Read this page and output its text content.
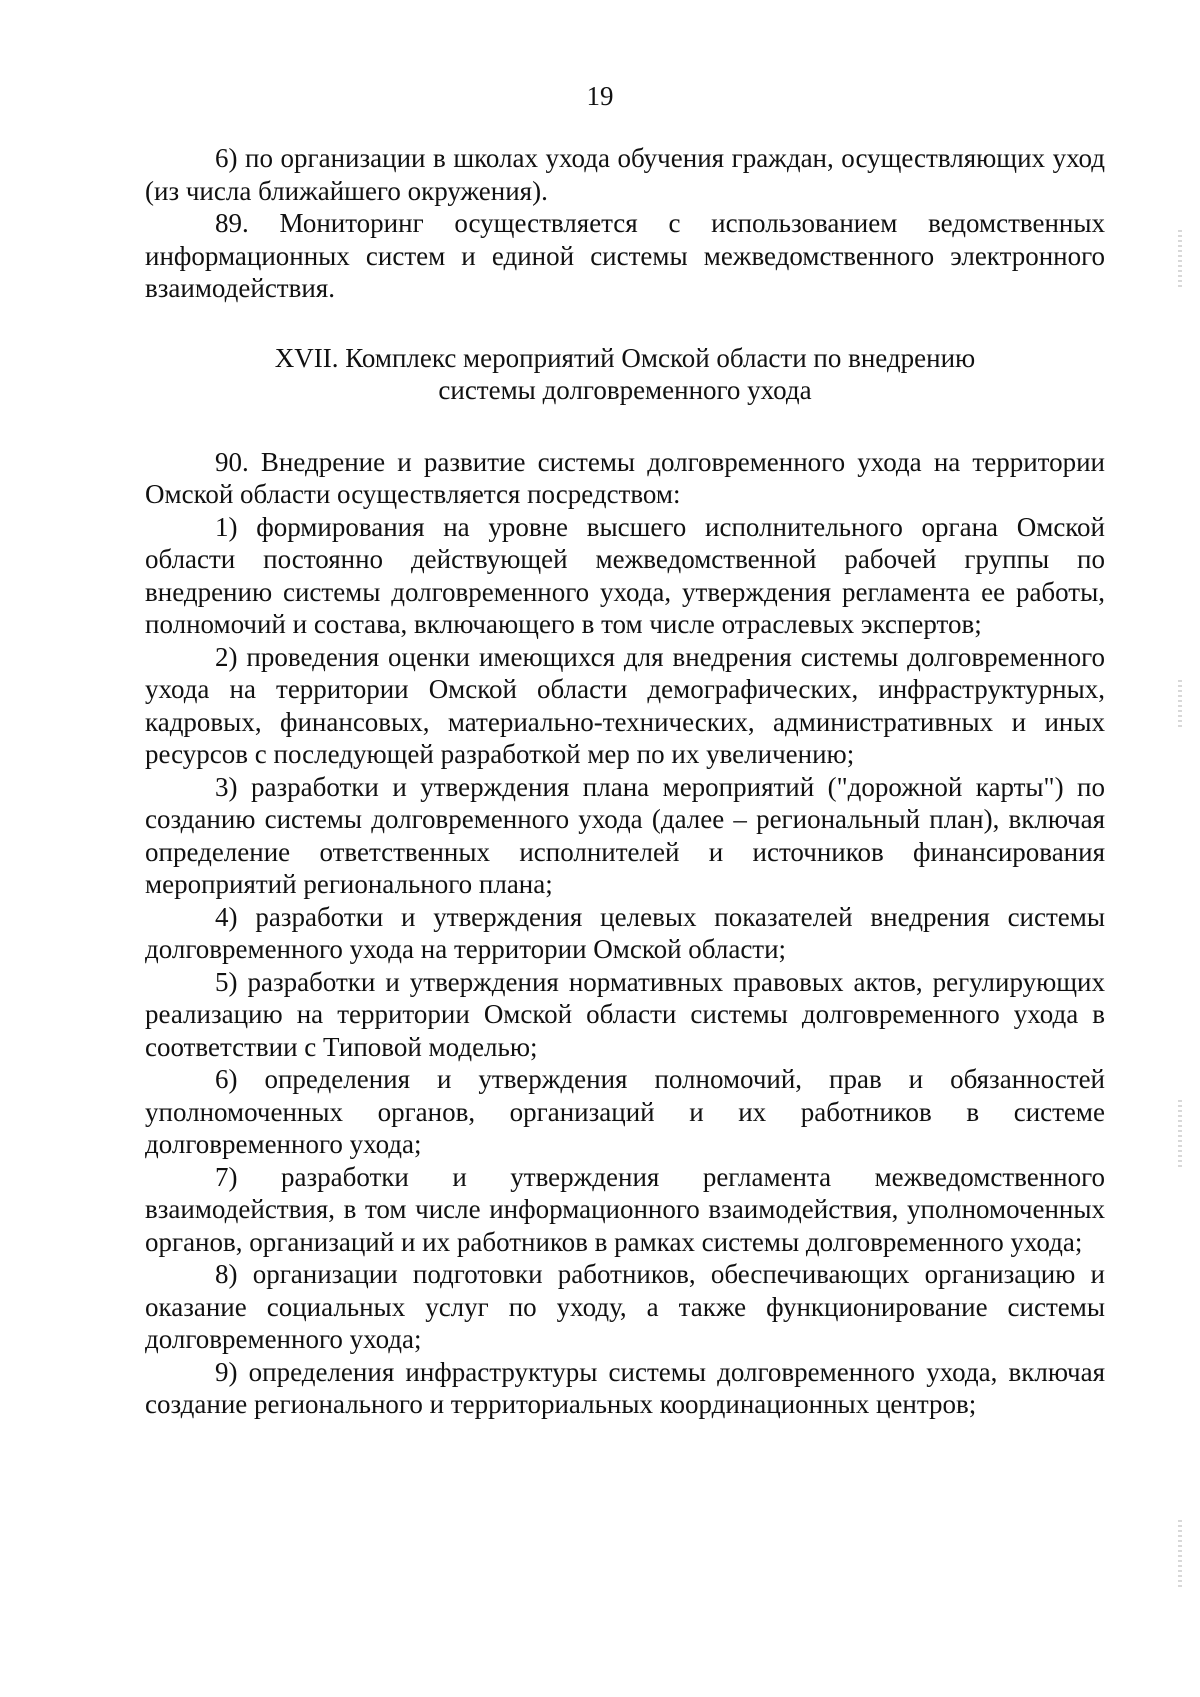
19

6) по организации в школах ухода обучения граждан, осуществляющих уход (из числа ближайшего окружения).

89. Мониторинг осуществляется с использованием ведомственных информационных систем и единой системы межведомственного электронного взаимодействия.

XVII. Комплекс мероприятий Омской области по внедрению
системы долговременного ухода

90. Внедрение и развитие системы долговременного ухода на территории Омской области осуществляется посредством:

1) формирования на уровне высшего исполнительного органа Омской области постоянно действующей межведомственной рабочей группы по внедрению системы долговременного ухода, утверждения регламента ее работы, полномочий и состава, включающего в том числе отраслевых экспертов;

2) проведения оценки имеющихся для внедрения системы долговременного ухода на территории Омской области демографических, инфраструктурных, кадровых, финансовых, материально-технических, административных и иных ресурсов с последующей разработкой мер по их увеличению;

3) разработки и утверждения плана мероприятий ("дорожной карты") по созданию системы долговременного ухода (далее – региональный план), включая определение ответственных исполнителей и источников финансирования мероприятий регионального плана;

4) разработки и утверждения целевых показателей внедрения системы долговременного ухода на территории Омской области;

5) разработки и утверждения нормативных правовых актов, регулирующих реализацию на территории Омской области системы долговременного ухода в соответствии с Типовой моделью;

6) определения и утверждения полномочий, прав и обязанностей уполномоченных органов, организаций и их работников в системе долговременного ухода;

7) разработки и утверждения регламента межведомственного взаимодействия, в том числе информационного взаимодействия, уполномоченных органов, организаций и их работников в рамках системы долговременного ухода;

8) организации подготовки работников, обеспечивающих организацию и оказание социальных услуг по уходу, а также функционирование системы долговременного ухода;

9) определения инфраструктуры системы долговременного ухода, включая создание регионального и территориальных координационных центров;
